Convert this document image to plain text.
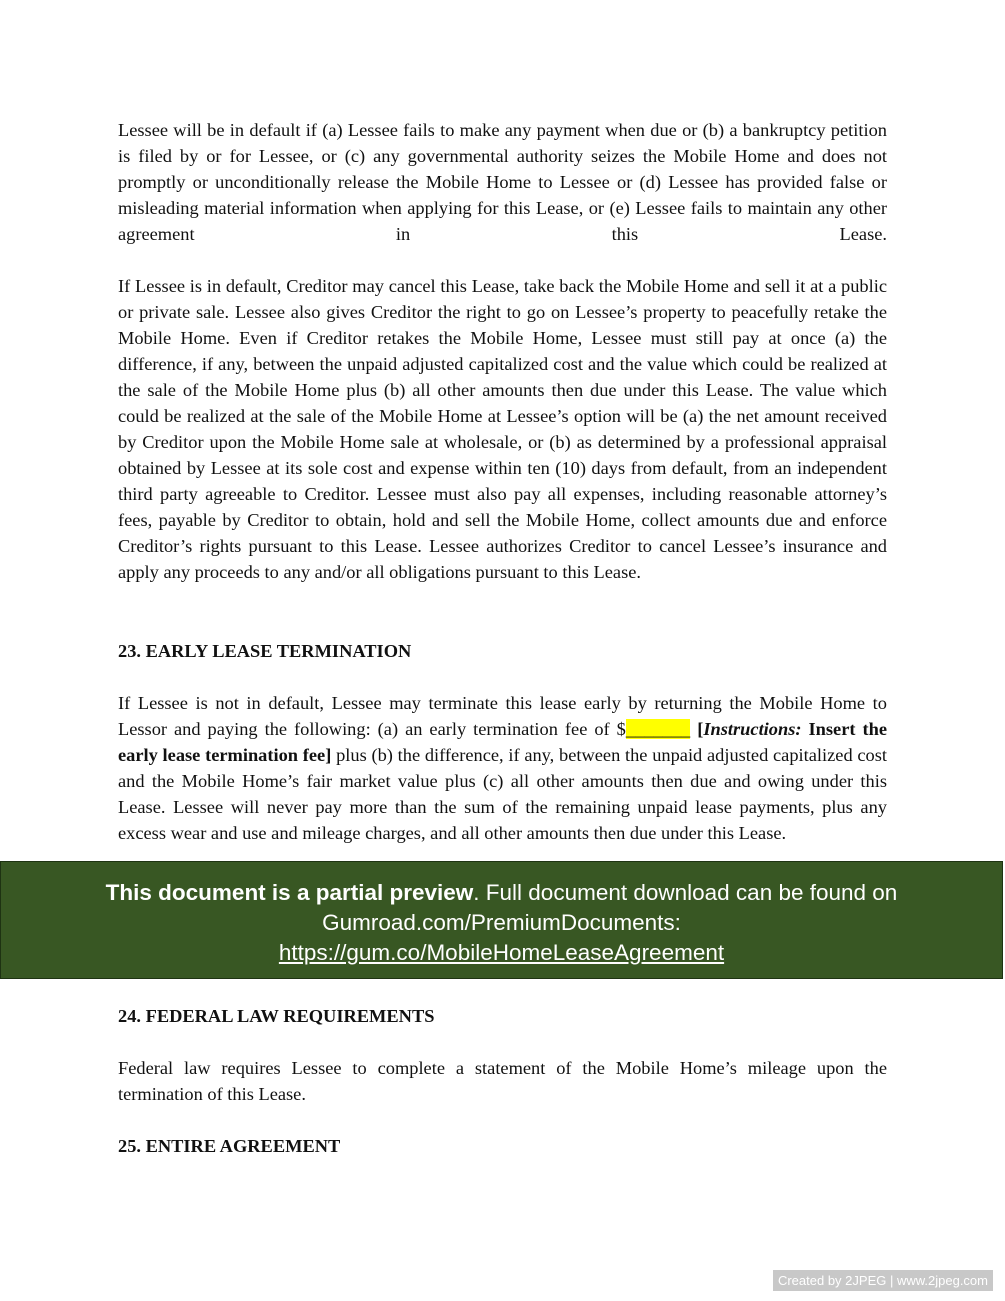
Lessee will be in default if (a) Lessee fails to make any payment when due or (b) a bankruptcy petition is filed by or for Lessee, or (c) any governmental authority seizes the Mobile Home and does not promptly or unconditionally release the Mobile Home to Lessee or (d) Lessee has provided false or misleading material information when applying for this Lease, or (e) Lessee fails to maintain any other agreement in this Lease.

If Lessee is in default, Creditor may cancel this Lease, take back the Mobile Home and sell it at a public or private sale. Lessee also gives Creditor the right to go on Lessee’s property to peacefully retake the Mobile Home. Even if Creditor retakes the Mobile Home, Lessee must still pay at once (a) the difference, if any, between the unpaid adjusted capitalized cost and the value which could be realized at the sale of the Mobile Home plus (b) all other amounts then due under this Lease. The value which could be realized at the sale of the Mobile Home at Lessee’s option will be (a) the net amount received by Creditor upon the Mobile Home sale at wholesale, or (b) as determined by a professional appraisal obtained by Lessee at its sole cost and expense within ten (10) days from default, from an independent third party agreeable to Creditor. Lessee must also pay all expenses, including reasonable attorney’s fees, payable by Creditor to obtain, hold and sell the Mobile Home, collect amounts due and enforce Creditor’s rights pursuant to this Lease. Lessee authorizes Creditor to cancel Lessee’s insurance and apply any proceeds to any and/or all obligations pursuant to this Lease.

23. EARLY LEASE TERMINATION

If Lessee is not in default, Lessee may terminate this lease early by returning the Mobile Home to Lessor and paying the following: (a) an early termination fee of $_______ [Instructions: Insert the early lease termination fee] plus (b) the difference, if any, between the unpaid adjusted capitalized cost and the Mobile Home’s fair market value plus (c) all other amounts then due and owing under this Lease. Lessee will never pay more than the sum of the remaining unpaid lease payments, plus any excess wear and use and mileage charges, and all other amounts then due under this Lease.

24. FEDERAL LAW REQUIREMENTS

Federal law requires Lessee to complete a statement of the Mobile Home’s mileage upon the termination of this Lease.

25. ENTIRE AGREEMENT
This document is a partial preview. Full document download can be found on Gumroad.com/PremiumDocuments:
https://gum.co/MobileHomeLeaseAgreement
Created by 2JPEG | www.2jpeg.com
